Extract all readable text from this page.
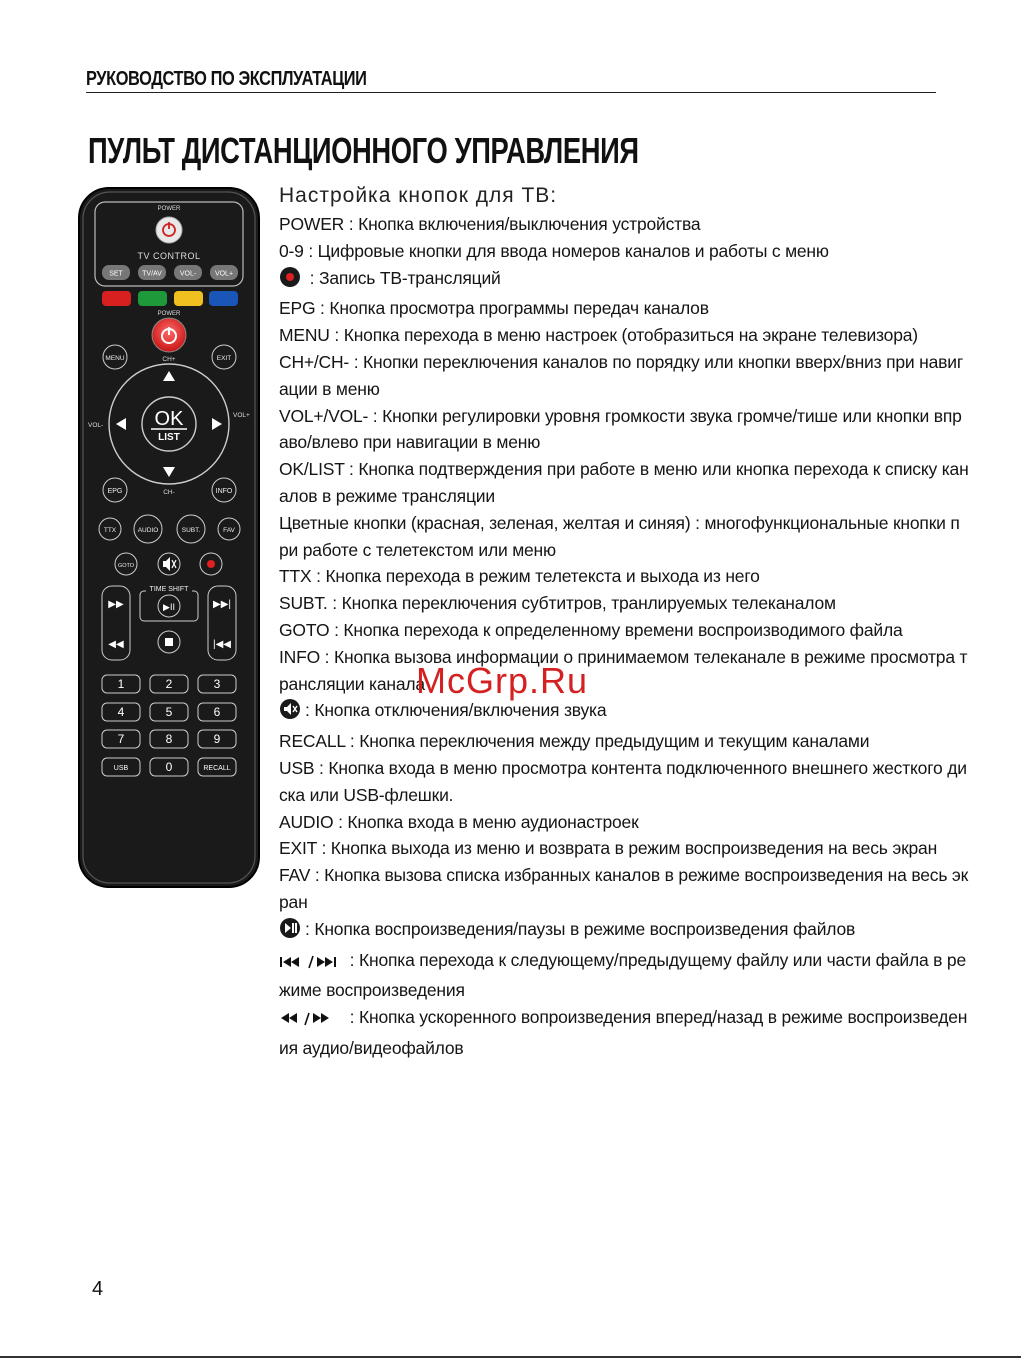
РУКОВОДСТВО ПО ЭКСПЛУАТАЦИИ
ПУЛЬТ ДИСТАНЦИОННОГО УПРАВЛЕНИЯ
POWER
TV CONTROL
SET	TV/AV	VOL-	VOL+
POWER
MENU	EXIT
CH+
OK
LIST
VOL-
VOL+
EPG	INFO
CH-
TTX	AUDIO	SUBT.	FAV
GOTO
▶▶
◀◀
▶▶|
|◀◀
TIME SHIFT
▶II
1	2	3
4	5	6
7	8	9
USB	0	RECALL
Настройка кнопок для ТВ:
POWER : Кнопка включения/выключения устройства
0-9 : Цифровые кнопки для ввода номеров каналов и работы с меню
: Запись ТВ-трансляций
EPG : Кнопка просмотра программы передач каналов
MENU : Кнопка перехода в меню настроек (отобразиться на экране телевизора)
CH+/CH- : Кнопки переключения каналов по порядку или кнопки вверх/вниз при навигации в меню
VOL+/VOL- : Кнопки регулировки уровня громкости звука громче/тише или кнопки вправо/влево при навигации в меню
OK/LIST : Кнопка подтверждения при работе в меню или кнопка перехода к списку каналов в режиме трансляции
Цветные кнопки (красная, зеленая, желтая и синяя) : многофункциональные кнопки при работе с телетекстом или меню
TTX : Кнопка перехода в режим телетекста и выхода из него
SUBT. : Кнопка переключения субтитров, транлируемых телеканалом
GOTO : Кнопка перехода к определенному времени воспроизводимого файла
INFO : Кнопка вызова информации о принимаемом телеканале в режиме просмотра трансляции канала
: Кнопка отключения/включения звука
RECALL : Кнопка переключения между предыдущим и текущим каналами
USB : Кнопка входа в меню просмотра контента подключенного внешнего жесткого диска или USB-флешки.
AUDIO : Кнопка входа в меню аудионастроек
EXIT : Кнопка выхода из меню и возврата в режим воспроизведения на весь экран
FAV : Кнопка вызова списка избранных каналов в режиме воспроизведения на весь экран
: Кнопка воспроизведения/паузы в режиме воспроизведения файлов
: Кнопка перехода к следующему/предыдущему файлу или части файла в режиме воспроизведения
: Кнопка ускоренного вопроизведения вперед/назад в режиме воспроизведения аудио/видеофайлов
McGrp.Ru
4
